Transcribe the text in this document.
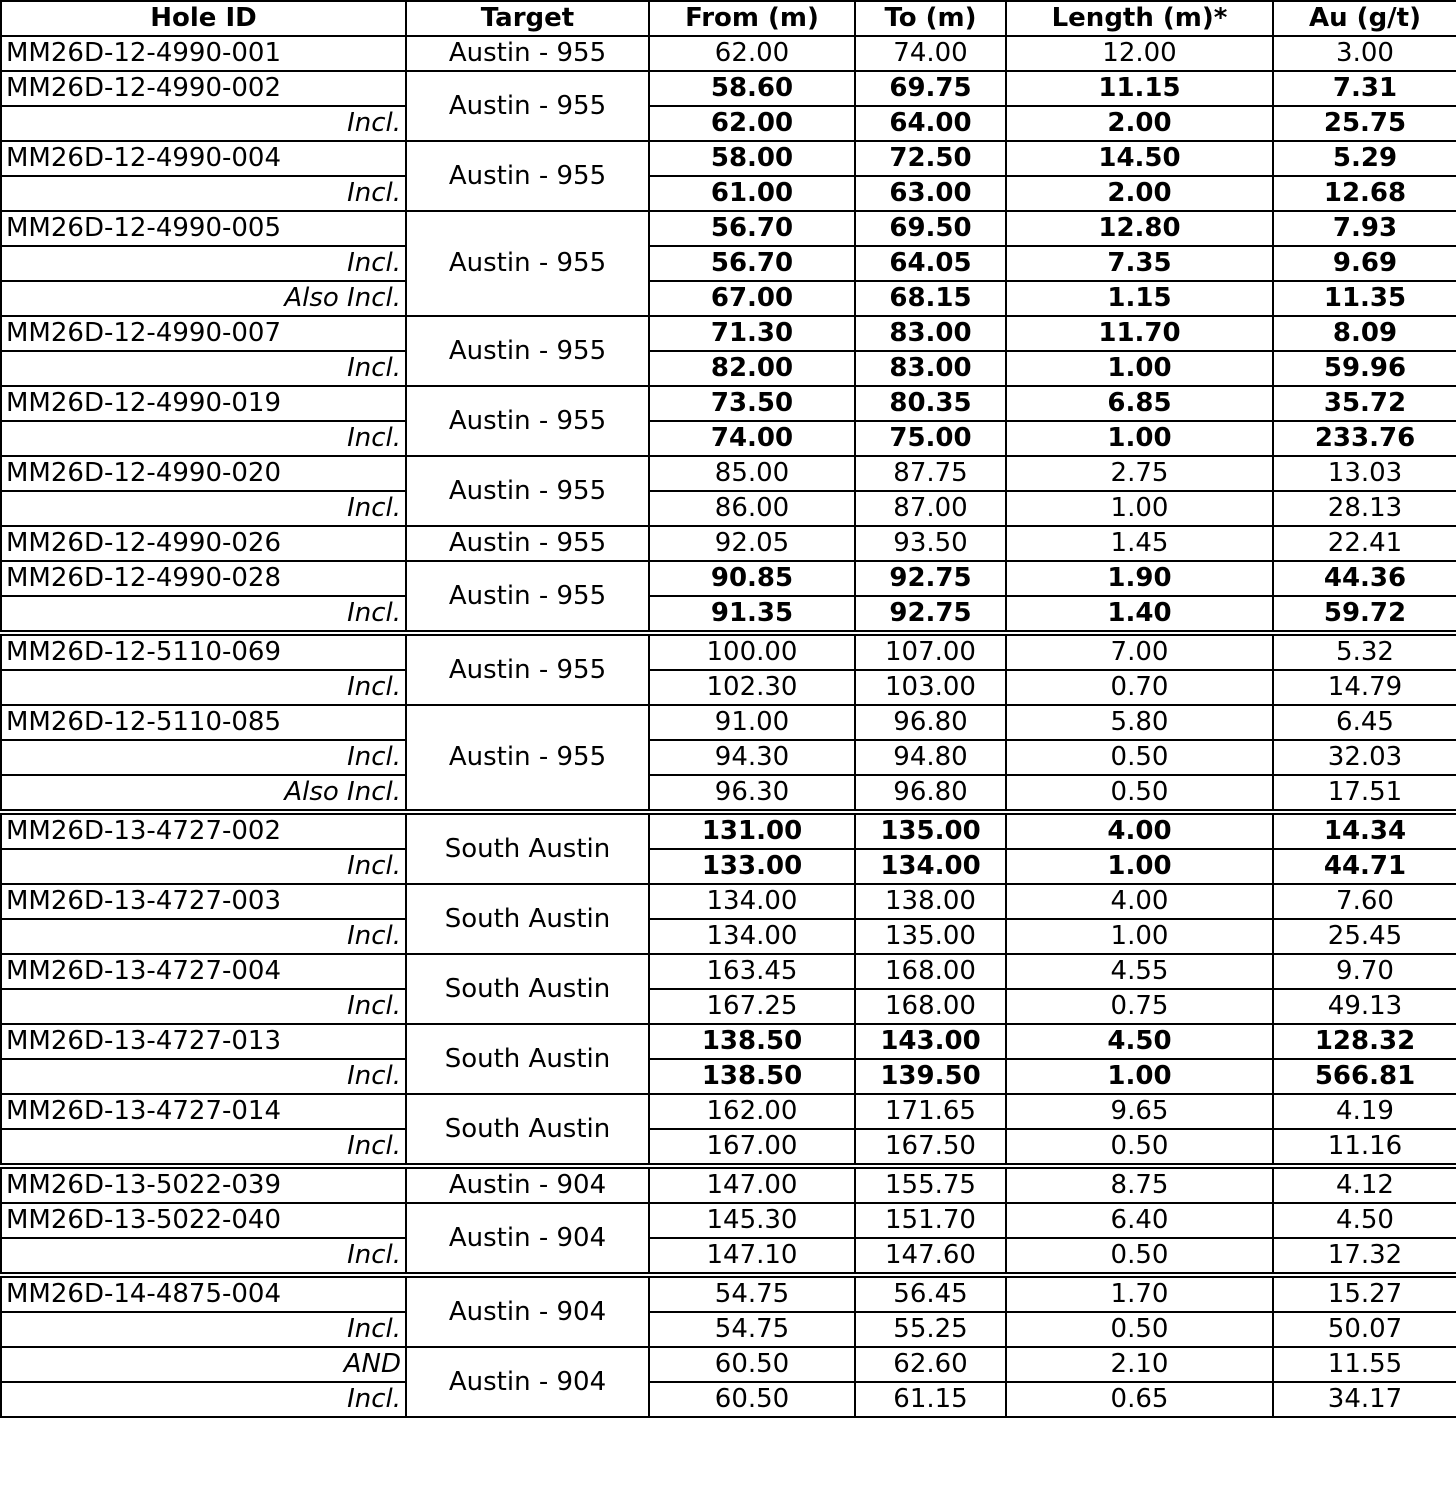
Hole ID	Target	From (m)	To (m)	Length (m)*	Au (g/t)
MM26D-12-4990-001	Austin - 955	62.00	74.00	12.00	3.00
MM26D-12-4990-002	Austin - 955	58.60	69.75	11.15	7.31
Incl.		62.00	64.00	2.00	25.75
MM26D-12-4990-004	Austin - 955	58.00	72.50	14.50	5.29
Incl.		61.00	63.00	2.00	12.68
MM26D-12-4990-005	Austin - 955	56.70	69.50	12.80	7.93
Incl.		56.70	64.05	7.35	9.69
Also Incl.		67.00	68.15	1.15	11.35
MM26D-12-4990-007	Austin - 955	71.30	83.00	11.70	8.09
Incl.		82.00	83.00	1.00	59.96
MM26D-12-4990-019	Austin - 955	73.50	80.35	6.85	35.72
Incl.		74.00	75.00	1.00	233.76
MM26D-12-4990-020	Austin - 955	85.00	87.75	2.75	13.03
Incl.		86.00	87.00	1.00	28.13
MM26D-12-4990-026	Austin - 955	92.05	93.50	1.45	22.41
MM26D-12-4990-028	Austin - 955	90.85	92.75	1.90	44.36
Incl.		91.35	92.75	1.40	59.72
MM26D-12-5110-069	Austin - 955	100.00	107.00	7.00	5.32
Incl.		102.30	103.00	0.70	14.79
MM26D-12-5110-085	Austin - 955	91.00	96.80	5.80	6.45
Incl.		94.30	94.80	0.50	32.03
Also Incl.		96.30	96.80	0.50	17.51
MM26D-13-4727-002	South Austin	131.00	135.00	4.00	14.34
Incl.		133.00	134.00	1.00	44.71
MM26D-13-4727-003	South Austin	134.00	138.00	4.00	7.60
Incl.		134.00	135.00	1.00	25.45
MM26D-13-4727-004	South Austin	163.45	168.00	4.55	9.70
Incl.		167.25	168.00	0.75	49.13
MM26D-13-4727-013	South Austin	138.50	143.00	4.50	128.32
Incl.		138.50	139.50	1.00	566.81
MM26D-13-4727-014	South Austin	162.00	171.65	9.65	4.19
Incl.		167.00	167.50	0.50	11.16
MM26D-13-5022-039	Austin - 904	147.00	155.75	8.75	4.12
MM26D-13-5022-040	Austin - 904	145.30	151.70	6.40	4.50
Incl.		147.10	147.60	0.50	17.32
MM26D-14-4875-004	Austin - 904	54.75	56.45	1.70	15.27
Incl.		54.75	55.25	0.50	50.07
AND	Austin - 904	60.50	62.60	2.10	11.55
Incl.		60.50	61.15	0.65	34.17
